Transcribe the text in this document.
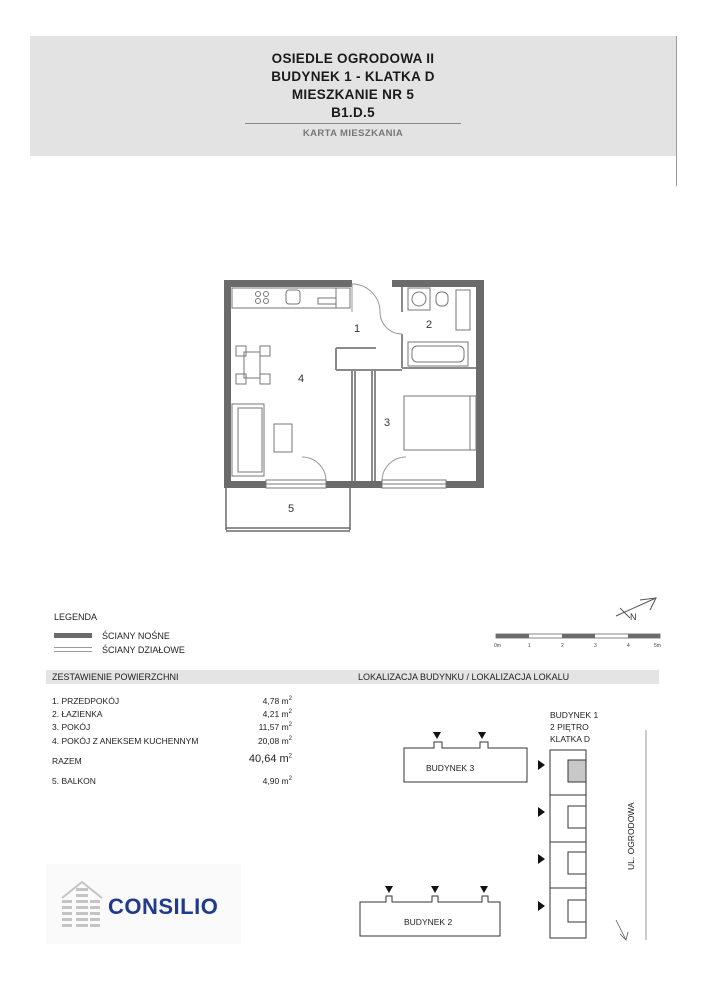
OSIEDLE OGRODOWA II
BUDYNEK 1 - KLATKA D
MIESZKANIE NR 5
B1.D.5
KARTA MIESZKANIA
1	2
3
4
5
N
0m	1	2	3	4	5m
BUDYNEK 3
BUDYNEK 2
BUDYNEK 1
2 PIĘTRO
KLATKA D
UL. OGRODOWA
LEGENDA
ŚCIANY NOŚNE
ŚCIANY DZIAŁOWE
ZESTAWIENIE POWIERZCHNI	LOKALIZACJA BUDYNKU / LOKALIZACJA LOKALU
1. PRZEDPOKÓJ	4,78 $m^2$
2. ŁAZIENKA	4,21 $m^2$
3. POKÓJ	11,57 $m^2$
4. POKÓJ Z ANEKSEM KUCHENNYM	20,08 $m^2$
RAZEM	40,64 $m^2$
5. BALKON	4,90 $m^2$
CONSILIO
